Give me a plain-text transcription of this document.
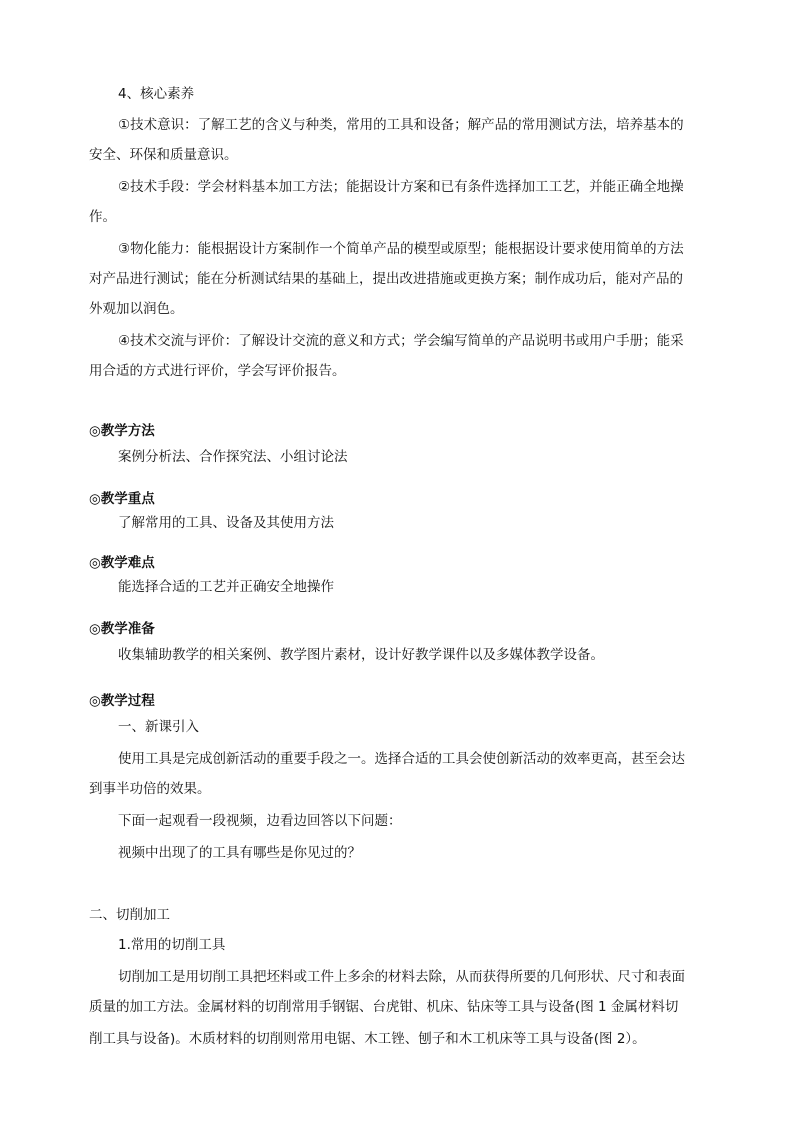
4、核心素养
①技术意识：了解工艺的含义与种类，常用的工具和设备；解产品的常用测试方法，培养基本的
安全、环保和质量意识。
②技术手段：学会材料基本加工方法；能据设计方案和已有条件选择加工工艺，并能正确全地操
作。
③物化能力：能根据设计方案制作一个简单产品的模型或原型；能根据设计要求使用简单的方法
对产品进行测试；能在分析测试结果的基础上，提出改进措施或更换方案；制作成功后，能对产品的
外观加以润色。
④技术交流与评价：了解设计交流的意义和方式；学会编写简单的产品说明书或用户手册；能采
用合适的方式进行评价，学会写评价报告。
◎教学方法
案例分析法、合作探究法、小组讨论法
◎教学重点
了解常用的工具、设备及其使用方法
◎教学难点
能选择合适的工艺并正确安全地操作
◎教学准备
收集辅助教学的相关案例、教学图片素材，设计好教学课件以及多媒体教学设备。
◎教学过程
一、新课引入
使用工具是完成创新活动的重要手段之一。选择合适的工具会使创新活动的效率更高，甚至会达
到事半功倍的效果。
下面一起观看一段视频，边看边回答以下问题：
视频中出现了的工具有哪些是你见过的？
二、切削加工
1.常用的切削工具
切削加工是用切削工具把坯料或工件上多余的材料去除，从而获得所要的几何形状、尺寸和表面
质量的加工方法。金属材料的切削常用手钢锯、台虎钳、机床、钻床等工具与设备(图 1 金属材料切
削工具与设备)。木质材料的切削则常用电锯、木工锉、刨子和木工机床等工具与设备(图 2）。
